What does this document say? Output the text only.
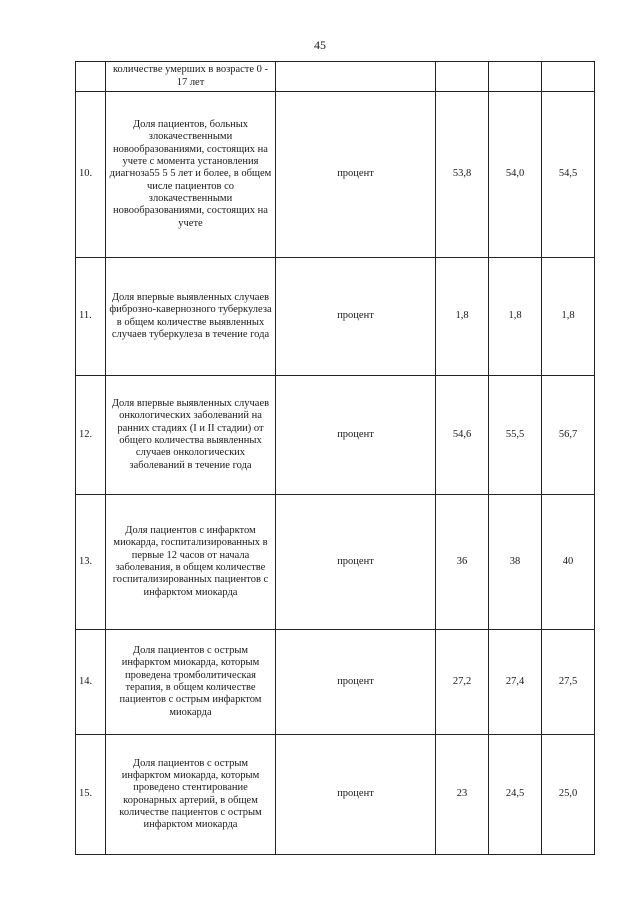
45
	количестве умерших в возрасте 0 - 17 лет				
10.	Доля пациентов, больных злокачественными новообразованиями, состоящих на учете с момента установления диагноза55 5 5 лет и более, в общем числе пациентов со злокачественными новообразованиями, состоящих на учете	процент	53,8	54,0	54,5
11.	Доля впервые выявленных случаев фиброзно-кавернозного туберкулеза в общем количестве выявленных случаев туберкулеза в течение года	процент	1,8	1,8	1,8
12.	Доля впервые выявленных случаев онкологических заболеваний на ранних стадиях (I и II стадии) от общего количества выявленных случаев онкологических заболеваний в течение года	процент	54,6	55,5	56,7
13.	Доля пациентов с инфарктом миокарда, госпитализированных в первые 12 часов от начала заболевания, в общем количестве госпитализированных пациентов с инфарктом миокарда	процент	36	38	40
14.	Доля пациентов с острым инфарктом миокарда, которым проведена тромболитическая терапия, в общем количестве пациентов с острым инфарктом миокарда	процент	27,2	27,4	27,5
15.	Доля пациентов с острым инфарктом миокарда, которым проведено стентирование коронарных артерий, в общем количестве пациентов с острым инфарктом миокарда	процент	23	24,5	25,0
